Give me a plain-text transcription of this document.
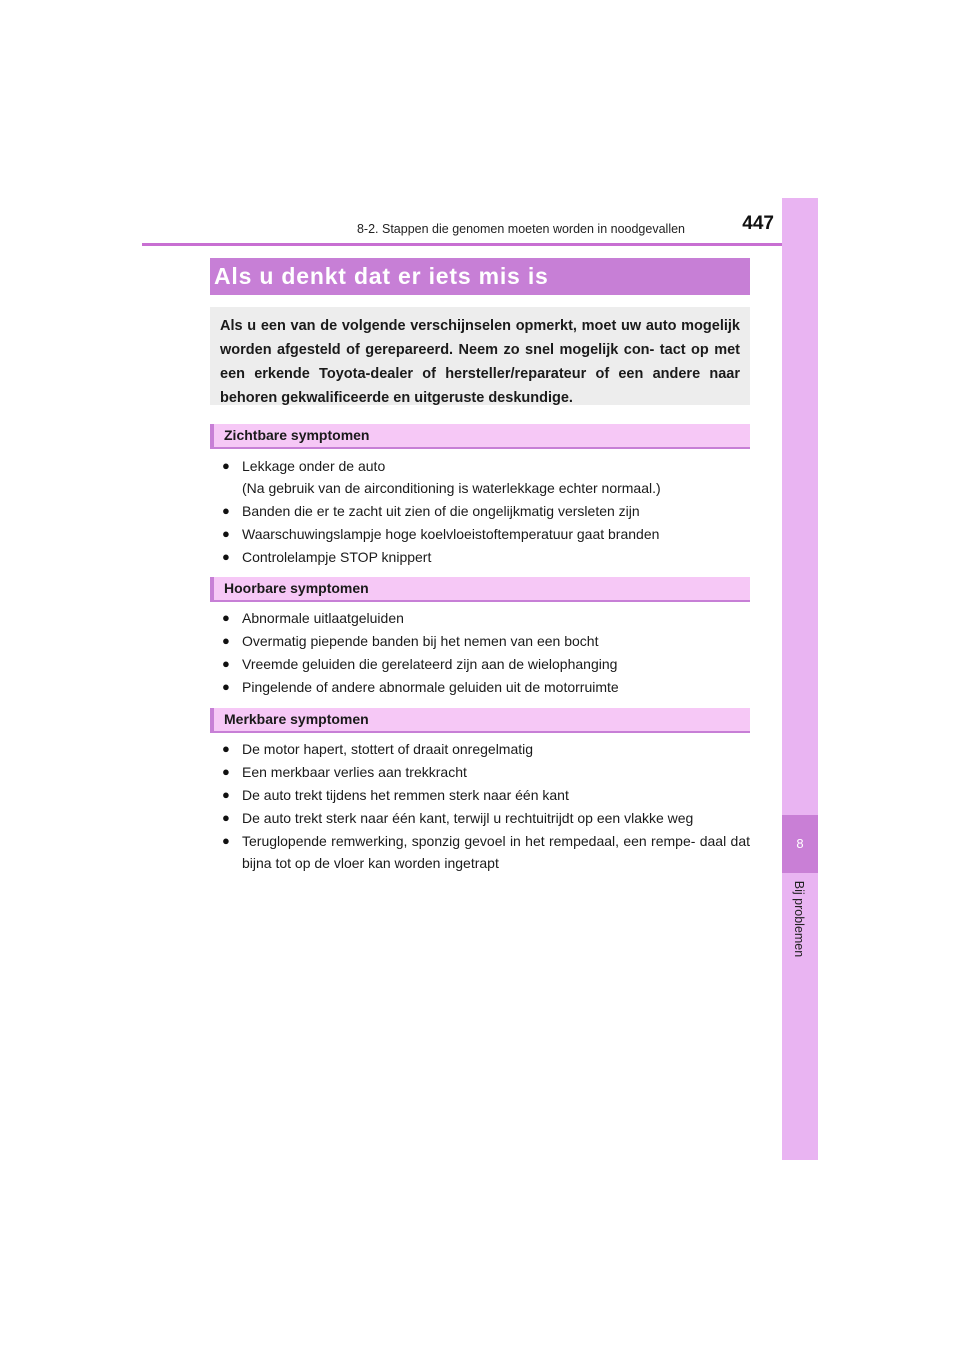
8-2. Stappen die genomen moeten worden in noodgevallen	447
8
Bij problemen
Als u denkt dat er iets mis is
Als u een van de volgende verschijnselen opmerkt, moet uw auto mogelijk worden afgesteld of gerepareerd. Neem zo snel mogelijk con- tact op met een erkende Toyota-dealer of hersteller/reparateur of een andere naar behoren gekwalificeerde en uitgeruste deskundige.
Zichtbare symptomen
● Lekkage onder de auto
(Na gebruik van de airconditioning is waterlekkage echter normaal.)
● Banden die er te zacht uit zien of die ongelijkmatig versleten zijn
● Waarschuwingslampje hoge koelvloeistoftemperatuur gaat branden
● Controlelampje STOP knippert
Hoorbare symptomen
● Abnormale uitlaatgeluiden
● Overmatig piepende banden bij het nemen van een bocht
● Vreemde geluiden die gerelateerd zijn aan de wielophanging
● Pingelende of andere abnormale geluiden uit de motorruimte
Merkbare symptomen
● De motor hapert, stottert of draait onregelmatig
● Een merkbaar verlies aan trekkracht
● De auto trekt tijdens het remmen sterk naar één kant
● De auto trekt sterk naar één kant, terwijl u rechtuitrijdt op een vlakke weg
● Teruglopende remwerking, sponzig gevoel in het rempedaal, een rempe- daal dat bijna tot op de vloer kan worden ingetrapt
